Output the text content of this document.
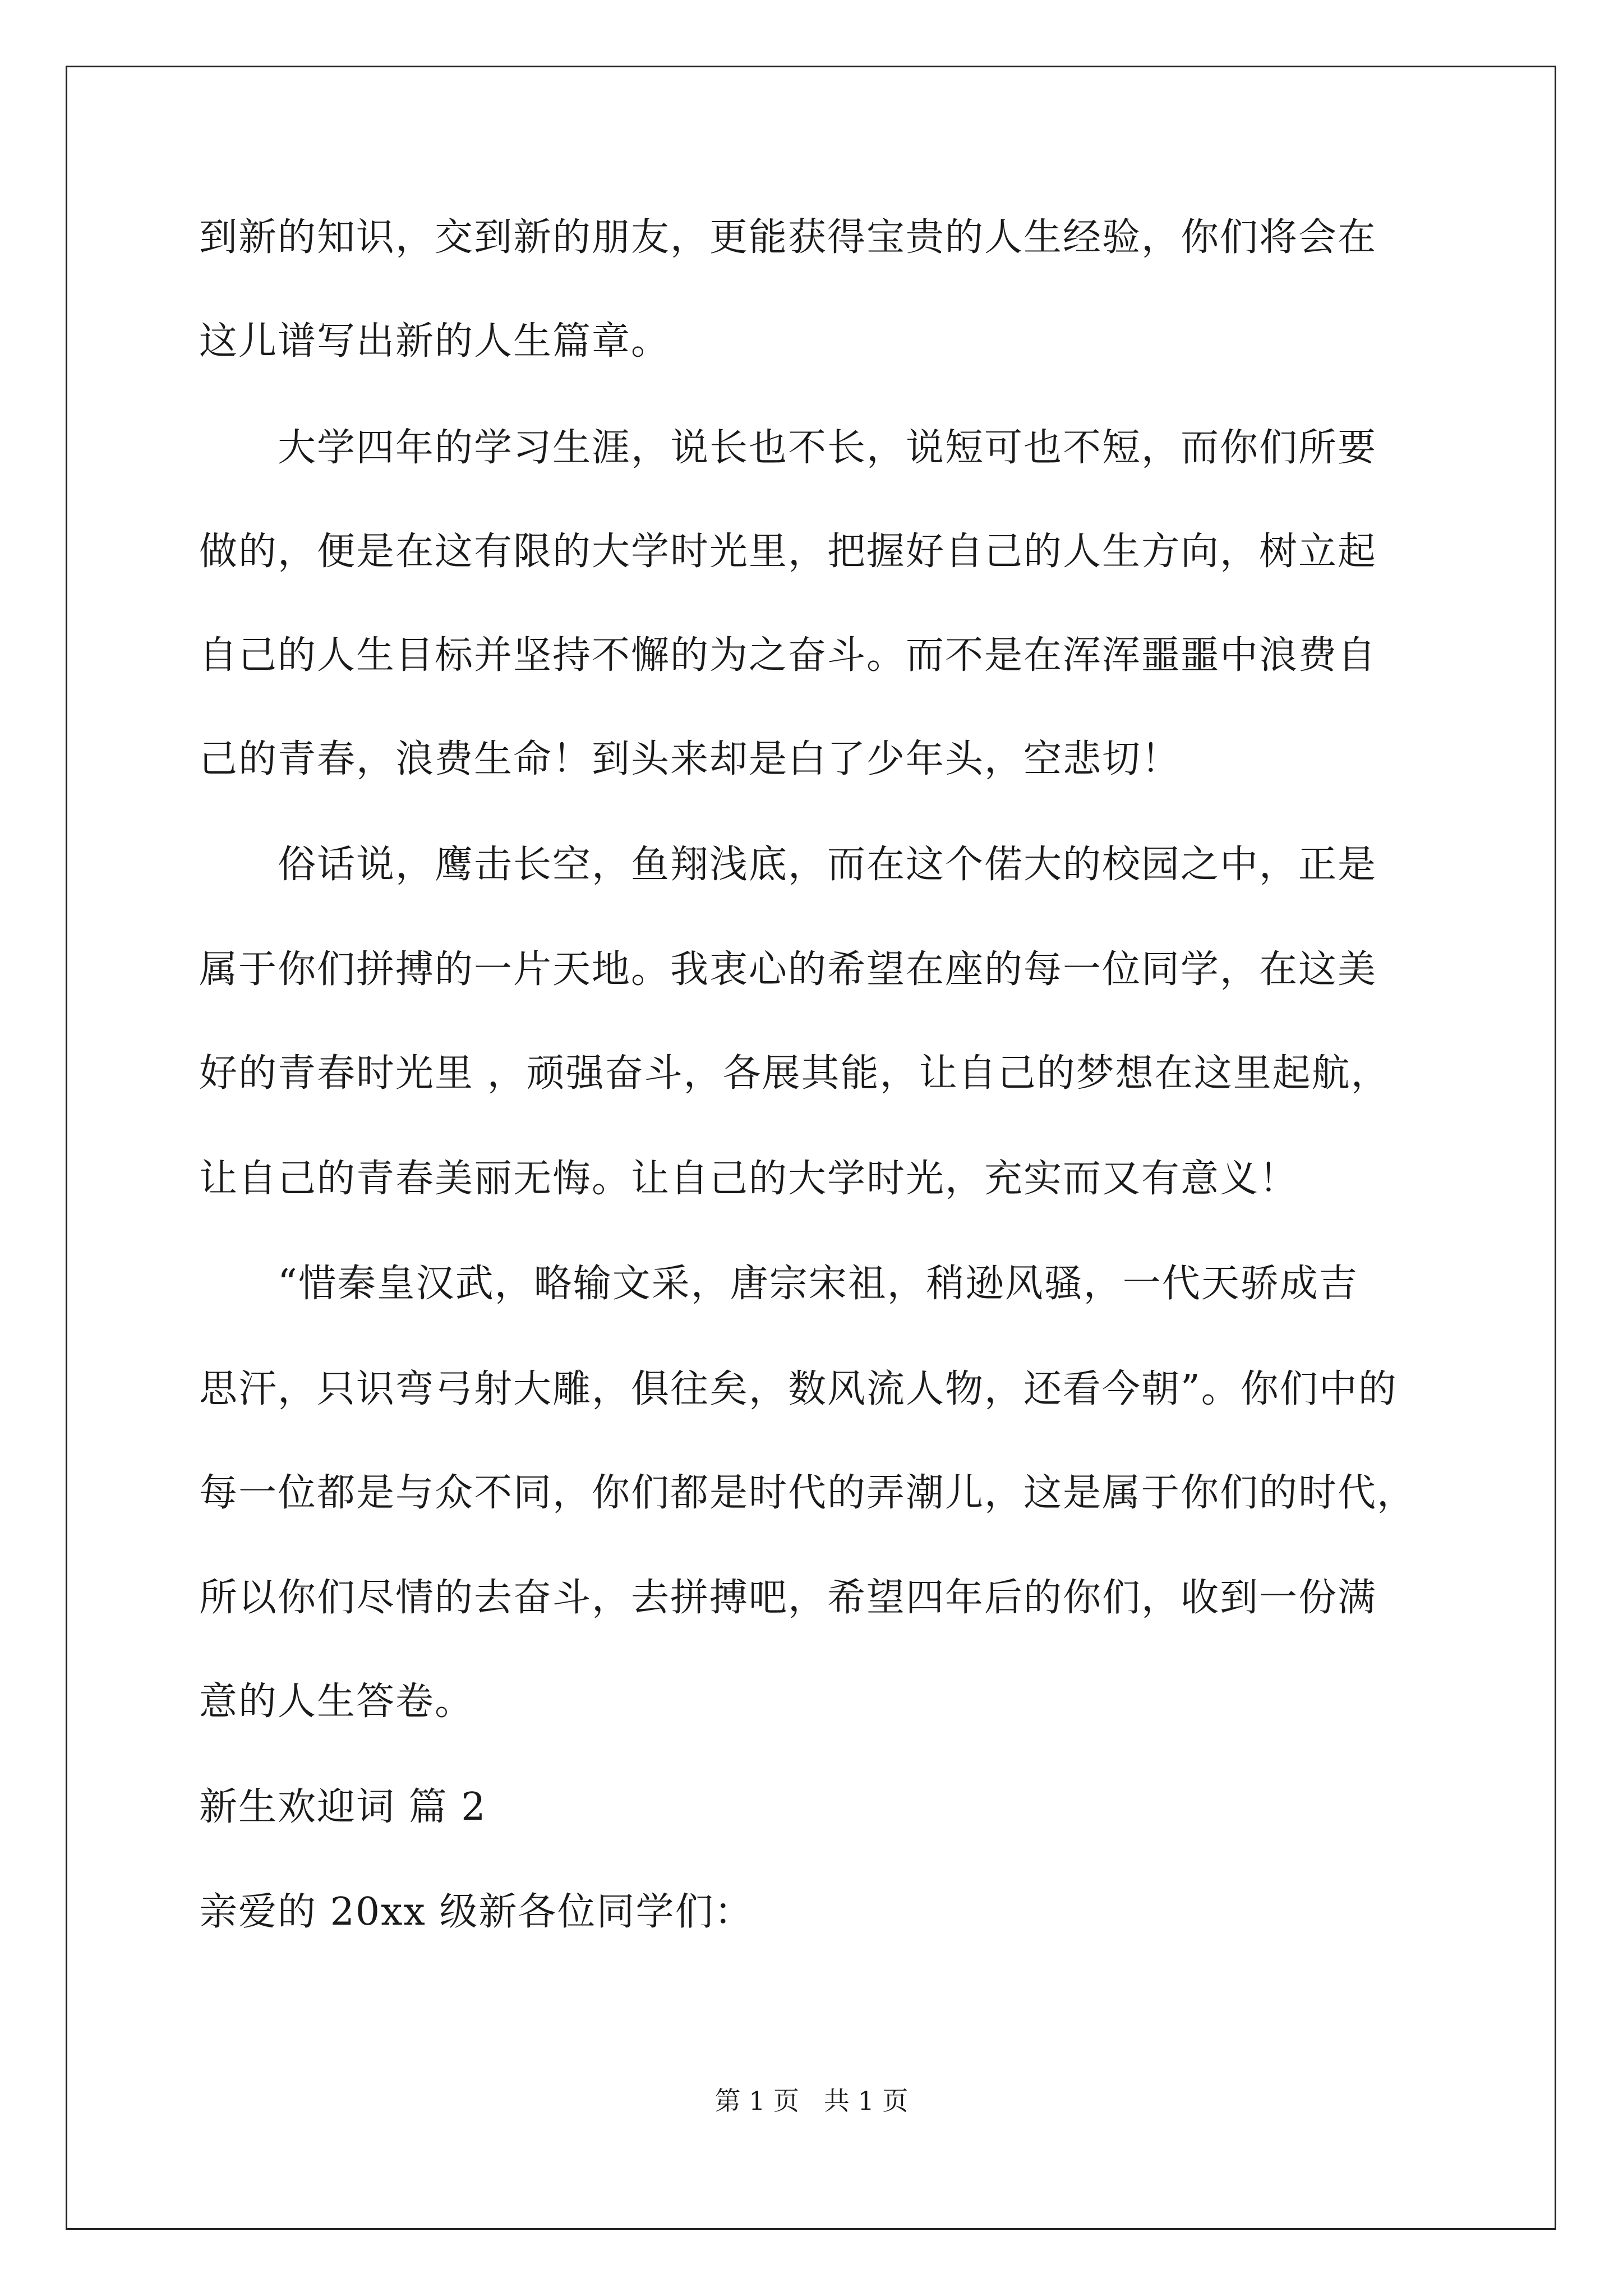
到新的知识，交到新的朋友，更能获得宝贵的人生经验，你们将会在
这儿谱写出新的人生篇章。
　　大学四年的学习生涯，说长也不长，说短可也不短，而你们所要
做的，便是在这有限的大学时光里，把握好自己的人生方向，树立起
自己的人生目标并坚持不懈的为之奋斗。而不是在浑浑噩噩中浪费自
己的青春，浪费生命！到头来却是白了少年头，空悲切！
　　俗话说，鹰击长空，鱼翔浅底，而在这个偌大的校园之中，正是
属于你们拼搏的一片天地。我衷心的希望在座的每一位同学，在这美
好的青春时光里 ，顽强奋斗，各展其能，让自己的梦想在这里起航，
让自己的青春美丽无悔。让自己的大学时光，充实而又有意义！
　　“惜秦皇汉武，略输文采，唐宗宋祖，稍逊风骚，一代天骄成吉
思汗，只识弯弓射大雕，俱往矣，数风流人物，还看今朝”。你们中的
每一位都是与众不同，你们都是时代的弄潮儿，这是属于你们的时代，
所以你们尽情的去奋斗，去拼搏吧，希望四年后的你们，收到一份满
意的人生答卷。
新生欢迎词 篇 2
亲爱的 20xx 级新各位同学们：
第 1 页   共 1 页
